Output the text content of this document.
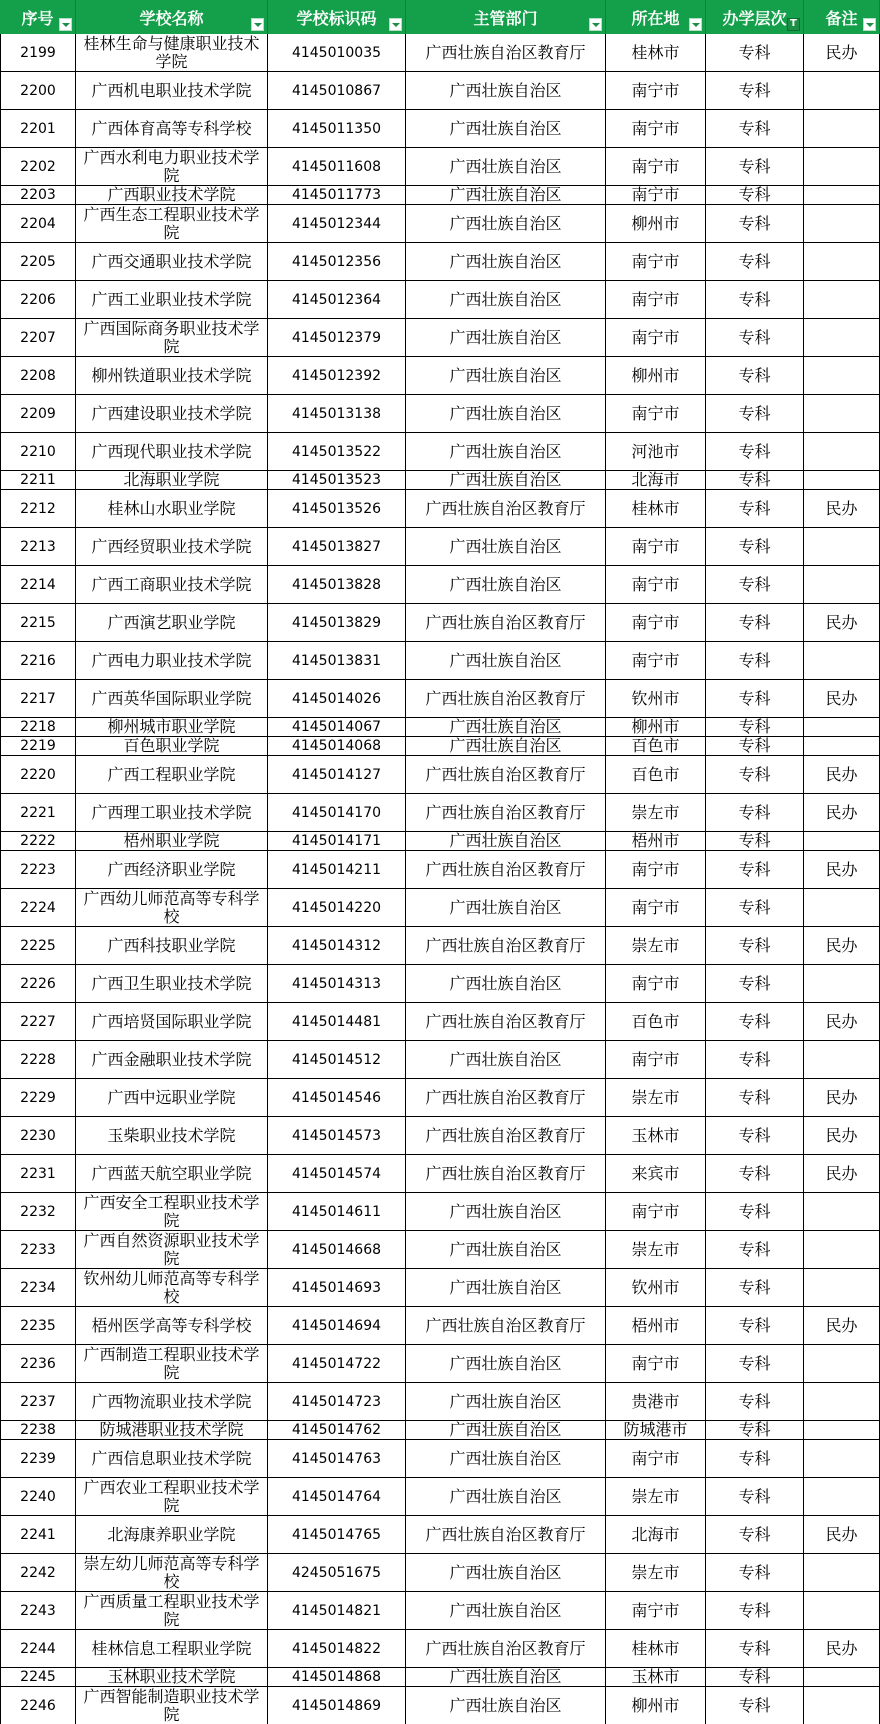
序号	学校名称	学校标识码	主管部门	所在地	办学层次
T 备注
2199	桂林生命与健康职业技术学院	4145010035	广西壮族自治区教育厅	桂林市	专科	民办
2200	广西机电职业技术学院	4145010867	广西壮族自治区	南宁市	专科
2201	广西体育高等专科学校	4145011350	广西壮族自治区	南宁市	专科
2202	广西水利电力职业技术学院	4145011608	广西壮族自治区	南宁市	专科
2203	广西职业技术学院	4145011773	广西壮族自治区	南宁市	专科
2204	广西生态工程职业技术学院	4145012344	广西壮族自治区	柳州市	专科
2205	广西交通职业技术学院	4145012356	广西壮族自治区	南宁市	专科
2206	广西工业职业技术学院	4145012364	广西壮族自治区	南宁市	专科
2207	广西国际商务职业技术学院	4145012379	广西壮族自治区	南宁市	专科
2208	柳州铁道职业技术学院	4145012392	广西壮族自治区	柳州市	专科
2209	广西建设职业技术学院	4145013138	广西壮族自治区	南宁市	专科
2210	广西现代职业技术学院	4145013522	广西壮族自治区	河池市	专科
2211	北海职业学院	4145013523	广西壮族自治区	北海市	专科
2212	桂林山水职业学院	4145013526	广西壮族自治区教育厅	桂林市	专科	民办
2213	广西经贸职业技术学院	4145013827	广西壮族自治区	南宁市	专科
2214	广西工商职业技术学院	4145013828	广西壮族自治区	南宁市	专科
2215	广西演艺职业学院	4145013829	广西壮族自治区教育厅	南宁市	专科	民办
2216	广西电力职业技术学院	4145013831	广西壮族自治区	南宁市	专科
2217	广西英华国际职业学院	4145014026	广西壮族自治区教育厅	钦州市	专科	民办
2218	柳州城市职业学院	4145014067	广西壮族自治区	柳州市	专科
2219	百色职业学院	4145014068	广西壮族自治区	百色市	专科
2220	广西工程职业学院	4145014127	广西壮族自治区教育厅	百色市	专科	民办
2221	广西理工职业技术学院	4145014170	广西壮族自治区教育厅	崇左市	专科	民办
2222	梧州职业学院	4145014171	广西壮族自治区	梧州市	专科
2223	广西经济职业学院	4145014211	广西壮族自治区教育厅	南宁市	专科	民办
2224	广西幼儿师范高等专科学校	4145014220	广西壮族自治区	南宁市	专科
2225	广西科技职业学院	4145014312	广西壮族自治区教育厅	崇左市	专科	民办
2226	广西卫生职业技术学院	4145014313	广西壮族自治区	南宁市	专科
2227	广西培贤国际职业学院	4145014481	广西壮族自治区教育厅	百色市	专科	民办
2228	广西金融职业技术学院	4145014512	广西壮族自治区	南宁市	专科
2229	广西中远职业学院	4145014546	广西壮族自治区教育厅	崇左市	专科	民办
2230	玉柴职业技术学院	4145014573	广西壮族自治区教育厅	玉林市	专科	民办
2231	广西蓝天航空职业学院	4145014574	广西壮族自治区教育厅	来宾市	专科	民办
2232	广西安全工程职业技术学院	4145014611	广西壮族自治区	南宁市	专科
2233	广西自然资源职业技术学院	4145014668	广西壮族自治区	崇左市	专科
2234	钦州幼儿师范高等专科学校	4145014693	广西壮族自治区	钦州市	专科
2235	梧州医学高等专科学校	4145014694	广西壮族自治区教育厅	梧州市	专科	民办
2236	广西制造工程职业技术学院	4145014722	广西壮族自治区	南宁市	专科
2237	广西物流职业技术学院	4145014723	广西壮族自治区	贵港市	专科
2238	防城港职业技术学院	4145014762	广西壮族自治区	防城港市	专科
2239	广西信息职业技术学院	4145014763	广西壮族自治区	南宁市	专科
2240	广西农业工程职业技术学院	4145014764	广西壮族自治区	崇左市	专科
2241	北海康养职业学院	4145014765	广西壮族自治区教育厅	北海市	专科	民办
2242	崇左幼儿师范高等专科学校	4245051675	广西壮族自治区	崇左市	专科
2243	广西质量工程职业技术学院	4145014821	广西壮族自治区	南宁市	专科
2244	桂林信息工程职业学院	4145014822	广西壮族自治区教育厅	桂林市	专科	民办
2245	玉林职业技术学院	4145014868	广西壮族自治区	玉林市	专科
2246	广西智能制造职业技术学院	4145014869	广西壮族自治区	柳州市	专科
